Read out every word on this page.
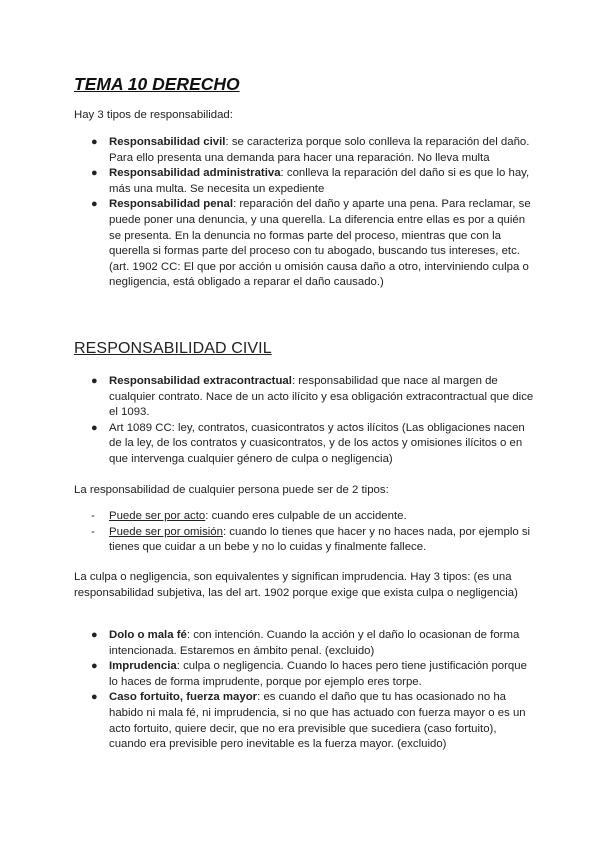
TEMA 10 DERECHO

Hay 3 tipos de responsabilidad:

● Responsabilidad civil: se caracteriza porque solo conlleva la reparación del daño. Para ello presenta una demanda para hacer una reparación. No lleva multa
● Responsabilidad administrativa: conlleva la reparación del daño si es que lo hay, más una multa. Se necesita un expediente
● Responsabilidad penal: reparación del daño y aparte una pena. Para reclamar, se puede poner una denuncia, y una querella. La diferencia entre ellas es por a quién se presenta. En la denuncia no formas parte del proceso, mientras que con la querella si formas parte del proceso con tu abogado, buscando tus intereses, etc. (art. 1902 CC: El que por acción u omisión causa daño a otro, interviniendo culpa o negligencia, está obligado a reparar el daño causado.)
RESPONSABILIDAD CIVIL
● Responsabilidad extracontractual: responsabilidad que nace al margen de cualquier contrato. Nace de un acto ilícito y esa obligación extracontractual que dice el 1093.
● Art 1089 CC: ley, contratos, cuasicontratos y actos ilícitos (Las obligaciones nacen de la ley, de los contratos y cuasicontratos, y de los actos y omisiones ilícitos o en que intervenga cualquier género de culpa o negligencia)

La responsabilidad de cualquier persona puede ser de 2 tipos:

- Puede ser por acto: cuando eres culpable de un accidente.
- Puede ser por omisión: cuando lo tienes que hacer y no haces nada, por ejemplo si tienes que cuidar a un bebe y no lo cuidas y finalmente fallece.

La culpa o negligencia, son equivalentes y significan imprudencia. Hay 3 tipos: (es una responsabilidad subjetiva, las del art. 1902 porque exige que exista culpa o negligencia)

● Dolo o mala fé: con intención. Cuando la acción y el daño lo ocasionan de forma intencionada. Estaremos en ámbito penal. (excluido)
● Imprudencia: culpa o negligencia. Cuando lo haces pero tiene justificación porque lo haces de forma imprudente, porque por ejemplo eres torpe.
● Caso fortuito, fuerza mayor: es cuando el daño que tu has ocasionado no ha habido ni mala fé, ni imprudencia, si no que has actuado con fuerza mayor o es un acto fortuito, quiere decir, que no era previsible que sucediera (caso fortuito), cuando era previsible pero inevitable es la fuerza mayor. (excluido)
